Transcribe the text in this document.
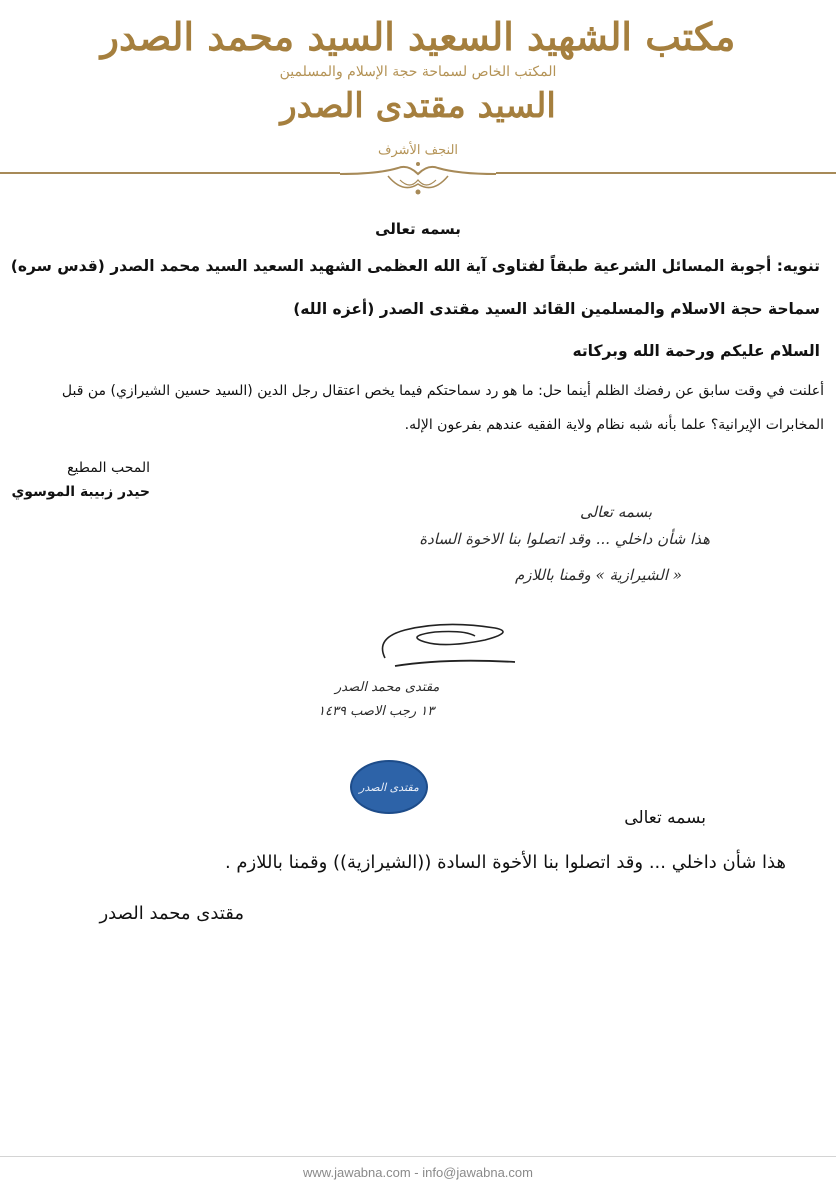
مكتب الشهيد السعيد السيد محمد الصدر
المكتب الخاص لسماحة حجة الإسلام والمسلمين
السيد مقتدى الصدر
النجف الأشرف
بسمه تعالى
تنويه: أجوبة المسائل الشرعية طبقاً لفتاوى آية الله العظمى الشهيد السعيد السيد محمد الصدر (قدس سره)
سماحة حجة الاسلام والمسلمين القائد السيد مقتدى الصدر (أعزه الله)
السلام عليكم ورحمة الله وبركاته
أعلنت في وقت سابق عن رفضك الظلم أينما حل: ما هو رد سماحتكم فيما يخص اعتقال رجل الدين (السيد حسين الشيرازي) من قبل المخابرات الإيرانية؟ علما بأنه شبه نظام ولاية الفقيه عندهم بفرعون الإله.
المحب المطيع
حيدر زبيبة الموسوي
بسمه تعالى
هذا شأن داخلي ... وقد اتصلوا بنا الاخوة السادة
« الشيرازية » وقمنا باللازم
مقتدى محمد الصدر
١٣ رجب الاصب ١٤٣٩
مقتدى الصدر
بسمه تعالى
هذا شأن داخلي ... وقد اتصلوا بنا الأخوة السادة ((الشيرازية)) وقمنا باللازم .
مقتدى محمد الصدر
www.jawabna.com - info@jawabna.com
